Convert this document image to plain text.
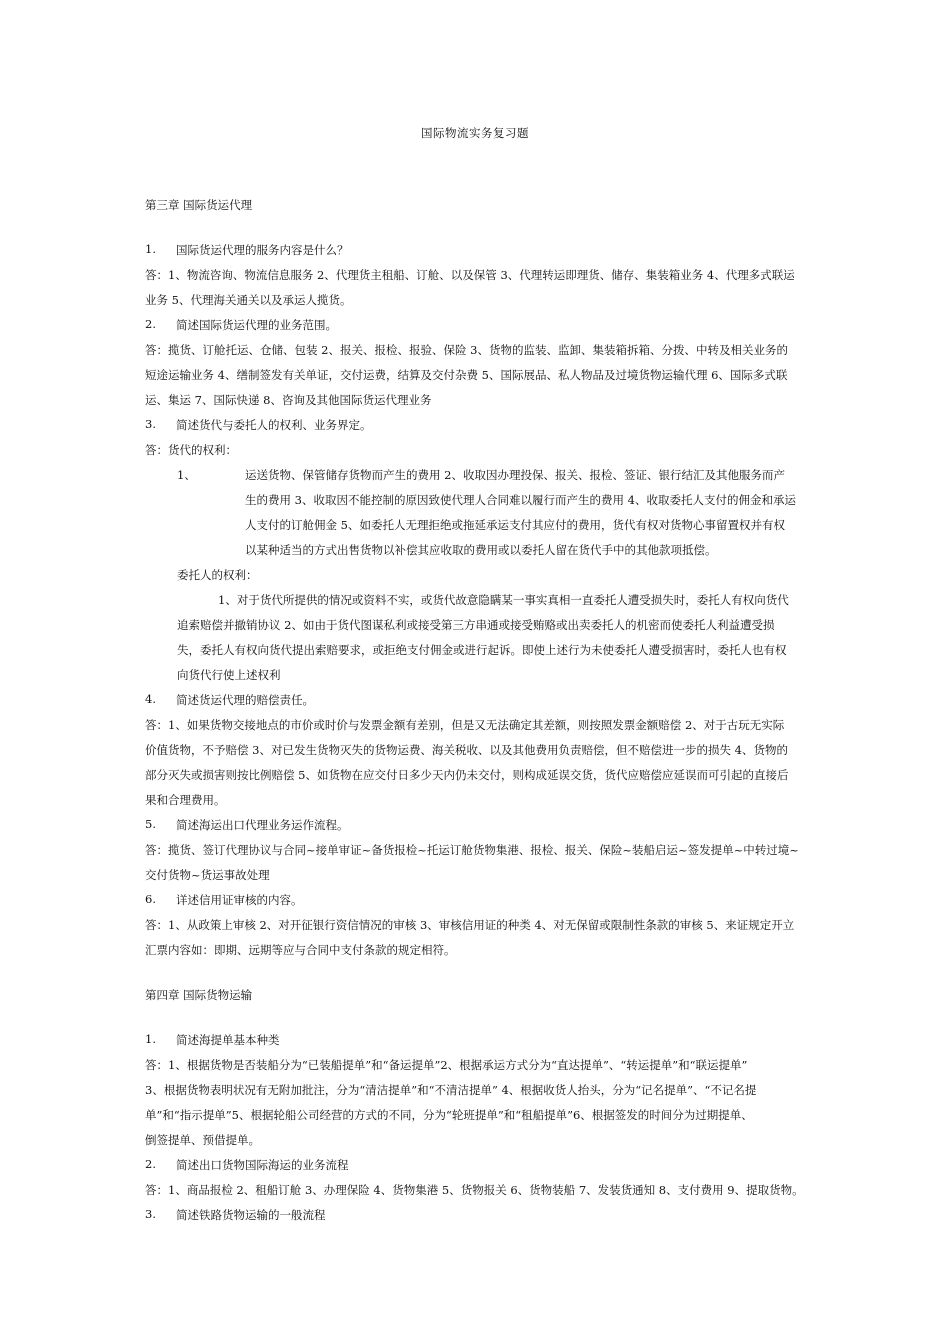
国际物流实务复习题
第三章 国际货运代理
1. 国际货运代理的服务内容是什么？
答：1、物流咨询、物流信息服务 2、代理货主租船、订舱、以及保管 3、代理转运即理货、储存、集装箱业务 4、代理多式联运
业务 5、代理海关通关以及承运人揽货。
2. 简述国际货运代理的业务范围。
答：揽货、订舱托运、仓储、包装 2、报关、报检、报验、保险 3、货物的监装、监卸、集装箱拆箱、分拨、中转及相关业务的
短途运输业务 4、缮制签发有关单证，交付运费，结算及交付杂费 5、国际展品、私人物品及过境货物运输代理 6、国际多式联
运、集运 7、国际快递 8、咨询及其他国际货运代理业务
3. 简述货代与委托人的权利、业务界定。
答：货代的权利：
1、	运送货物、保管储存货物而产生的费用 2、收取因办理投保、报关、报检、签证、银行结汇及其他服务而产
生的费用 3、收取因不能控制的原因致使代理人合同难以履行而产生的费用 4、收取委托人支付的佣金和承运
人支付的订舱佣金 5、如委托人无理拒绝或拖延承运支付其应付的费用，货代有权对货物心事留置权并有权
以某种适当的方式出售货物以补偿其应收取的费用或以委托人留在货代手中的其他款项抵偿。
委托人的权利：
1、对于货代所提供的情况或资料不实，或货代故意隐瞒某一事实真相一直委托人遭受损失时，委托人有权向货代
追索赔偿并撤销协议 2、如由于货代图谋私利或接受第三方串通或接受贿赂或出卖委托人的机密而使委托人利益遭受损
失，委托人有权向货代提出索赔要求，或拒绝支付佣金或进行起诉。即使上述行为未使委托人遭受损害时，委托人也有权
向货代行使上述权利
4. 简述货运代理的赔偿责任。
答：1、如果货物交接地点的市价或时价与发票金额有差别，但是又无法确定其差额，则按照发票金额赔偿 2、对于古玩无实际
价值货物，不予赔偿 3、对已发生货物灭失的货物运费、海关税收、以及其他费用负责赔偿，但不赔偿进一步的损失 4、货物的
部分灭失或损害则按比例赔偿 5、如货物在应交付日多少天内仍未交付，则构成延误交货，货代应赔偿应延误而可引起的直接后
果和合理费用。
5. 简述海运出口代理业务运作流程。
答：揽货、签订代理协议与合同~接单审证~备货报检~托运订舱货物集港、报检、报关、保险~装船启运~签发提单~中转过境~
交付货物~货运事故处理
6. 详述信用证审核的内容。
答：1、从政策上审核 2、对开征银行资信情况的审核 3、审核信用证的种类 4、对无保留或限制性条款的审核 5、来证规定开立
汇票内容如：即期、远期等应与合同中支付条款的规定相符。
第四章 国际货物运输
1. 简述海提单基本种类
答：1、根据货物是否装船分为“已装船提单”和“备运提单”2、根据承运方式分为“直达提单”、“转运提单”和“联运提单”
3、根据货物表明状况有无附加批注，分为“清洁提单”和“不清洁提单” 4、根据收货人抬头，分为“记名提单”、“不记名提
单”和“指示提单”5、根据轮船公司经营的方式的不同，分为“轮班提单”和“租船提单”6、根据签发的时间分为过期提单、
倒签提单、预借提单。
2. 简述出口货物国际海运的业务流程
答：1、商品报检 2、租船订舱 3、办理保险 4、货物集港 5、货物报关 6、货物装船 7、发装货通知 8、支付费用 9、提取货物。
3. 简述铁路货物运输的一般流程
